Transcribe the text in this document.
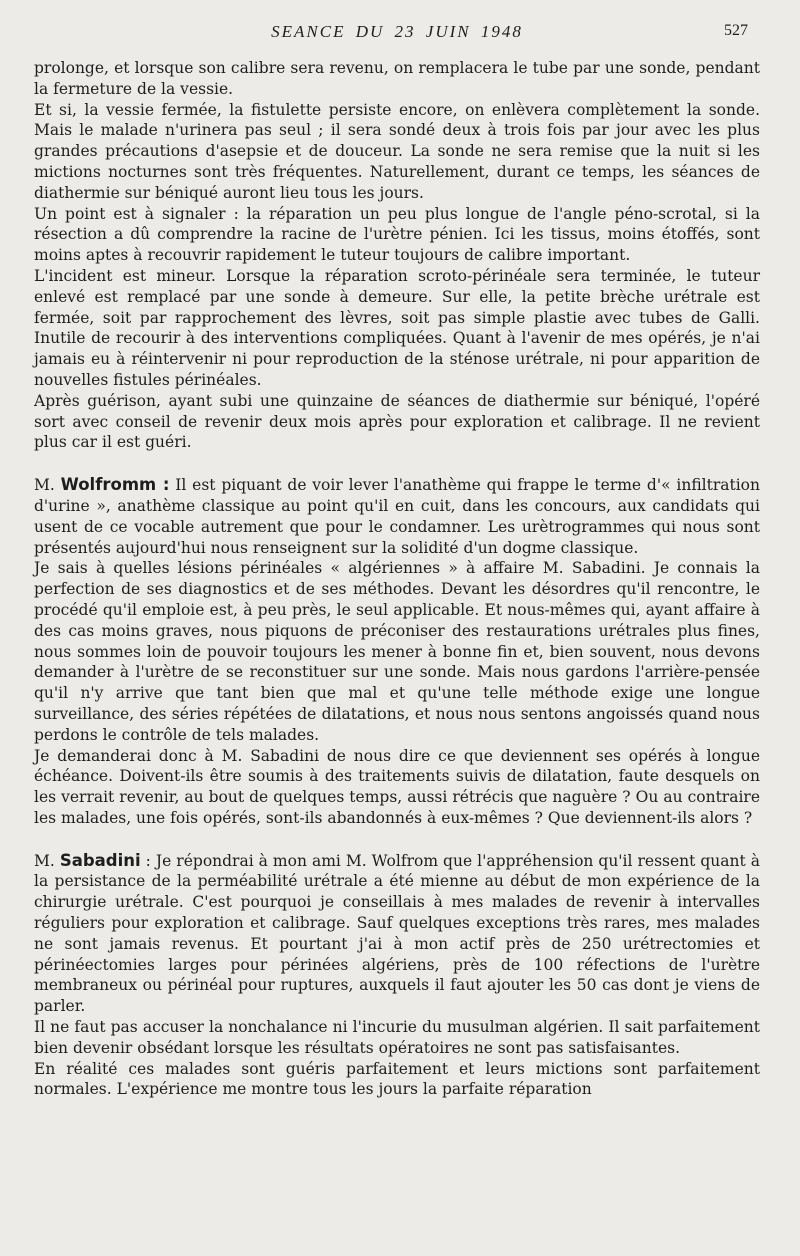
SEANCE DU 23 JUIN 1948	527

prolonge, et lorsque son calibre sera revenu, on remplacera le tube par une sonde, pendant la fermeture de la vessie.

Et si, la vessie fermée, la fistulette persiste encore, on enlèvera complètement la sonde. Mais le malade n'urinera pas seul ; il sera sondé deux à trois fois par jour avec les plus grandes précautions d'asepsie et de douceur. La sonde ne sera remise que la nuit si les mictions nocturnes sont très fréquentes. Naturellement, durant ce temps, les séances de diathermie sur béniqué auront lieu tous les jours.

Un point est à signaler : la réparation un peu plus longue de l'angle péno-scrotal, si la résection a dû comprendre la racine de l'urètre pénien. Ici les tissus, moins étoffés, sont moins aptes à recouvrir rapidement le tuteur toujours de calibre important.

L'incident est mineur. Lorsque la réparation scroto-périnéale sera terminée, le tuteur enlevé est remplacé par une sonde à demeure. Sur elle, la petite brèche urétrale est fermée, soit par rapprochement des lèvres, soit pas simple plastie avec tubes de Galli. Inutile de recourir à des interventions compliquées. Quant à l'avenir de mes opérés, je n'ai jamais eu à réintervenir ni pour reproduction de la sténose urétrale, ni pour apparition de nouvelles fistules périnéales.

Après guérison, ayant subi une quinzaine de séances de diathermie sur béniqué, l'opéré sort avec conseil de revenir deux mois après pour exploration et calibrage. Il ne revient plus car il est guéri.

M. Wolfromm : Il est piquant de voir lever l'anathème qui frappe le terme d'« infiltration d'urine », anathème classique au point qu'il en cuit, dans les concours, aux candidats qui usent de ce vocable autrement que pour le condamner. Les urètrogrammes qui nous sont présentés aujourd'hui nous renseignent sur la solidité d'un dogme classique.

Je sais à quelles lésions périnéales « algériennes » à affaire M. Sabadini. Je connais la perfection de ses diagnostics et de ses méthodes. Devant les désordres qu'il rencontre, le procédé qu'il emploie est, à peu près, le seul applicable. Et nous-mêmes qui, ayant affaire à des cas moins graves, nous piquons de préconiser des restaurations urétrales plus fines, nous sommes loin de pouvoir toujours les mener à bonne fin et, bien souvent, nous devons demander à l'urètre de se reconstituer sur une sonde. Mais nous gardons l'arrière-pensée qu'il n'y arrive que tant bien que mal et qu'une telle méthode exige une longue surveillance, des séries répétées de dilatations, et nous nous sentons angoissés quand nous perdons le contrôle de tels malades.

Je demanderai donc à M. Sabadini de nous dire ce que deviennent ses opérés à longue échéance. Doivent-ils être soumis à des traitements suivis de dilatation, faute desquels on les verrait revenir, au bout de quelques temps, aussi rétrécis que naguère ? Ou au contraire les malades, une fois opérés, sont-ils abandonnés à eux-mêmes ? Que deviennent-ils alors ?

M. Sabadini : Je répondrai à mon ami M. Wolfrom que l'appréhension qu'il ressent quant à la persistance de la perméabilité urétrale a été mienne au début de mon expérience de la chirurgie urétrale. C'est pourquoi je conseillais à mes malades de revenir à intervalles réguliers pour exploration et calibrage. Sauf quelques exceptions très rares, mes malades ne sont jamais revenus. Et pourtant j'ai à mon actif près de 250 urétrectomies et périnéectomies larges pour périnées algériens, près de 100 réfections de l'urètre membraneux ou périnéal pour ruptures, auxquels il faut ajouter les 50 cas dont je viens de parler.

Il ne faut pas accuser la nonchalance ni l'incurie du musulman algérien. Il sait parfaitement bien devenir obsédant lorsque les résultats opératoires ne sont pas satisfaisantes.

En réalité ces malades sont guéris parfaitement et leurs mictions sont parfaitement normales. L'expérience me montre tous les jours la parfaite réparation
